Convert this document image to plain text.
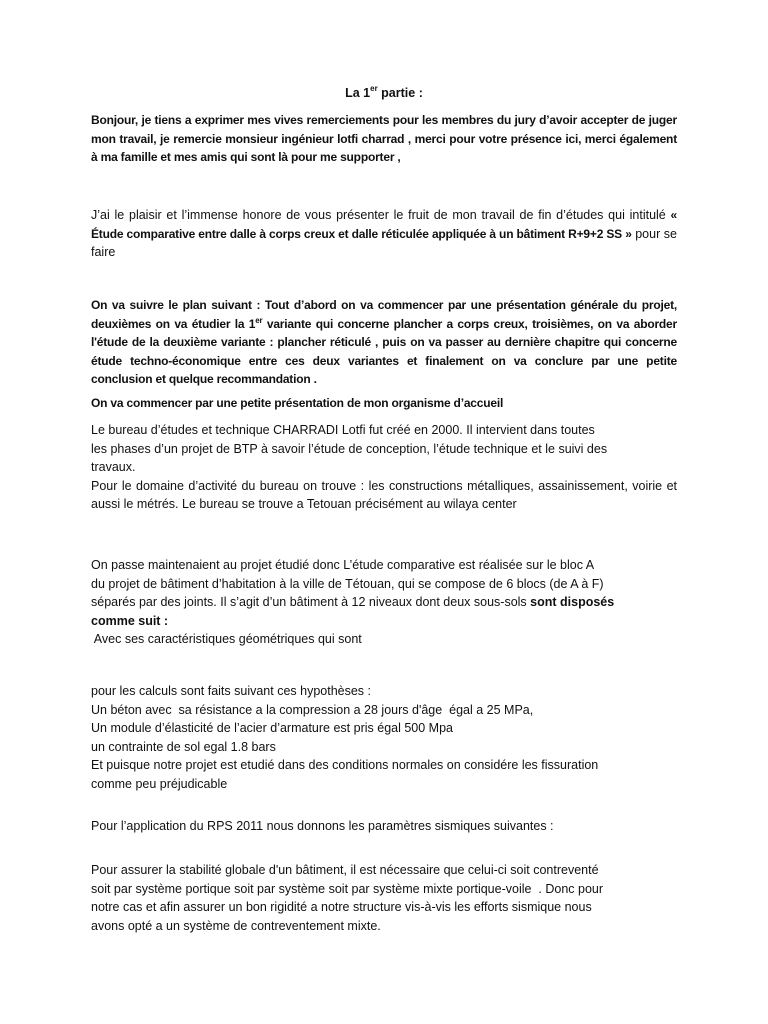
La 1er partie :
Bonjour, je tiens a exprimer mes vives remerciements pour les membres du jury d’avoir accepter de juger mon travail, je remercie monsieur ingénieur lotfi charrad , merci pour votre présence ici, merci également à ma famille et mes amis qui sont là pour me supporter ,
J’ai le plaisir et l’immense honore de vous présenter le fruit de mon travail de fin d’études qui intitulé « Étude comparative entre dalle à corps creux et dalle réticulée appliquée à un bâtiment R+9+2 SS » pour se faire
On va suivre le plan suivant : Tout d’abord on va commencer par une présentation générale du projet, deuxièmes on va étudier la 1er variante qui concerne plancher a corps creux, troisièmes, on va aborder l'étude de la deuxième variante : plancher réticulé , puis on va passer au dernière chapitre qui concerne étude techno-économique entre ces deux variantes et finalement on va conclure par une petite conclusion et quelque recommandation .
On va commencer par une petite présentation de mon organisme d’accueil
Le bureau d’études et technique CHARRADI Lotfi fut créé en 2000. Il intervient dans toutes
les phases d’un projet de BTP à savoir l’étude de conception, l’étude technique et le suivi des
travaux.
Pour le domaine d’activité du bureau on trouve : les constructions métalliques, assainissement, voirie et aussi le métrés. Le bureau se trouve a Tetouan précisément au wilaya center
On passe maintenaient au projet étudié donc L’étude comparative est réalisée sur le bloc A
du projet de bâtiment d’habitation à la ville de Tétouan, qui se compose de 6 blocs (de A à F)
séparés par des joints. Il s’agit d’un bâtiment à 12 niveaux dont deux sous-sols sont disposés
comme suit :
Avec ses caractéristiques géométriques qui sont
pour les calculs sont faits suivant ces hypothèses :
Un béton avec  sa résistance a la compression a 28 jours d'âge  égal a 25 MPa,
Un module d’élasticité de l’acier d’armature est pris égal 500 Mpa
un contrainte de sol egal 1.8 bars
Et puisque notre projet est etudié dans des conditions normales on considére les fissuration
comme peu préjudicable
Pour l’application du RPS 2011 nous donnons les paramètres sismiques suivantes :
Pour assurer la stabilité globale d'un bâtiment, il est nécessaire que celui-ci soit contreventé
soit par système portique soit par système soit par système mixte portique-voile  . Donc pour
notre cas et afin assurer un bon rigidité a notre structure vis-à-vis les efforts sismique nous
avons opté a un système de contreventement mixte.
